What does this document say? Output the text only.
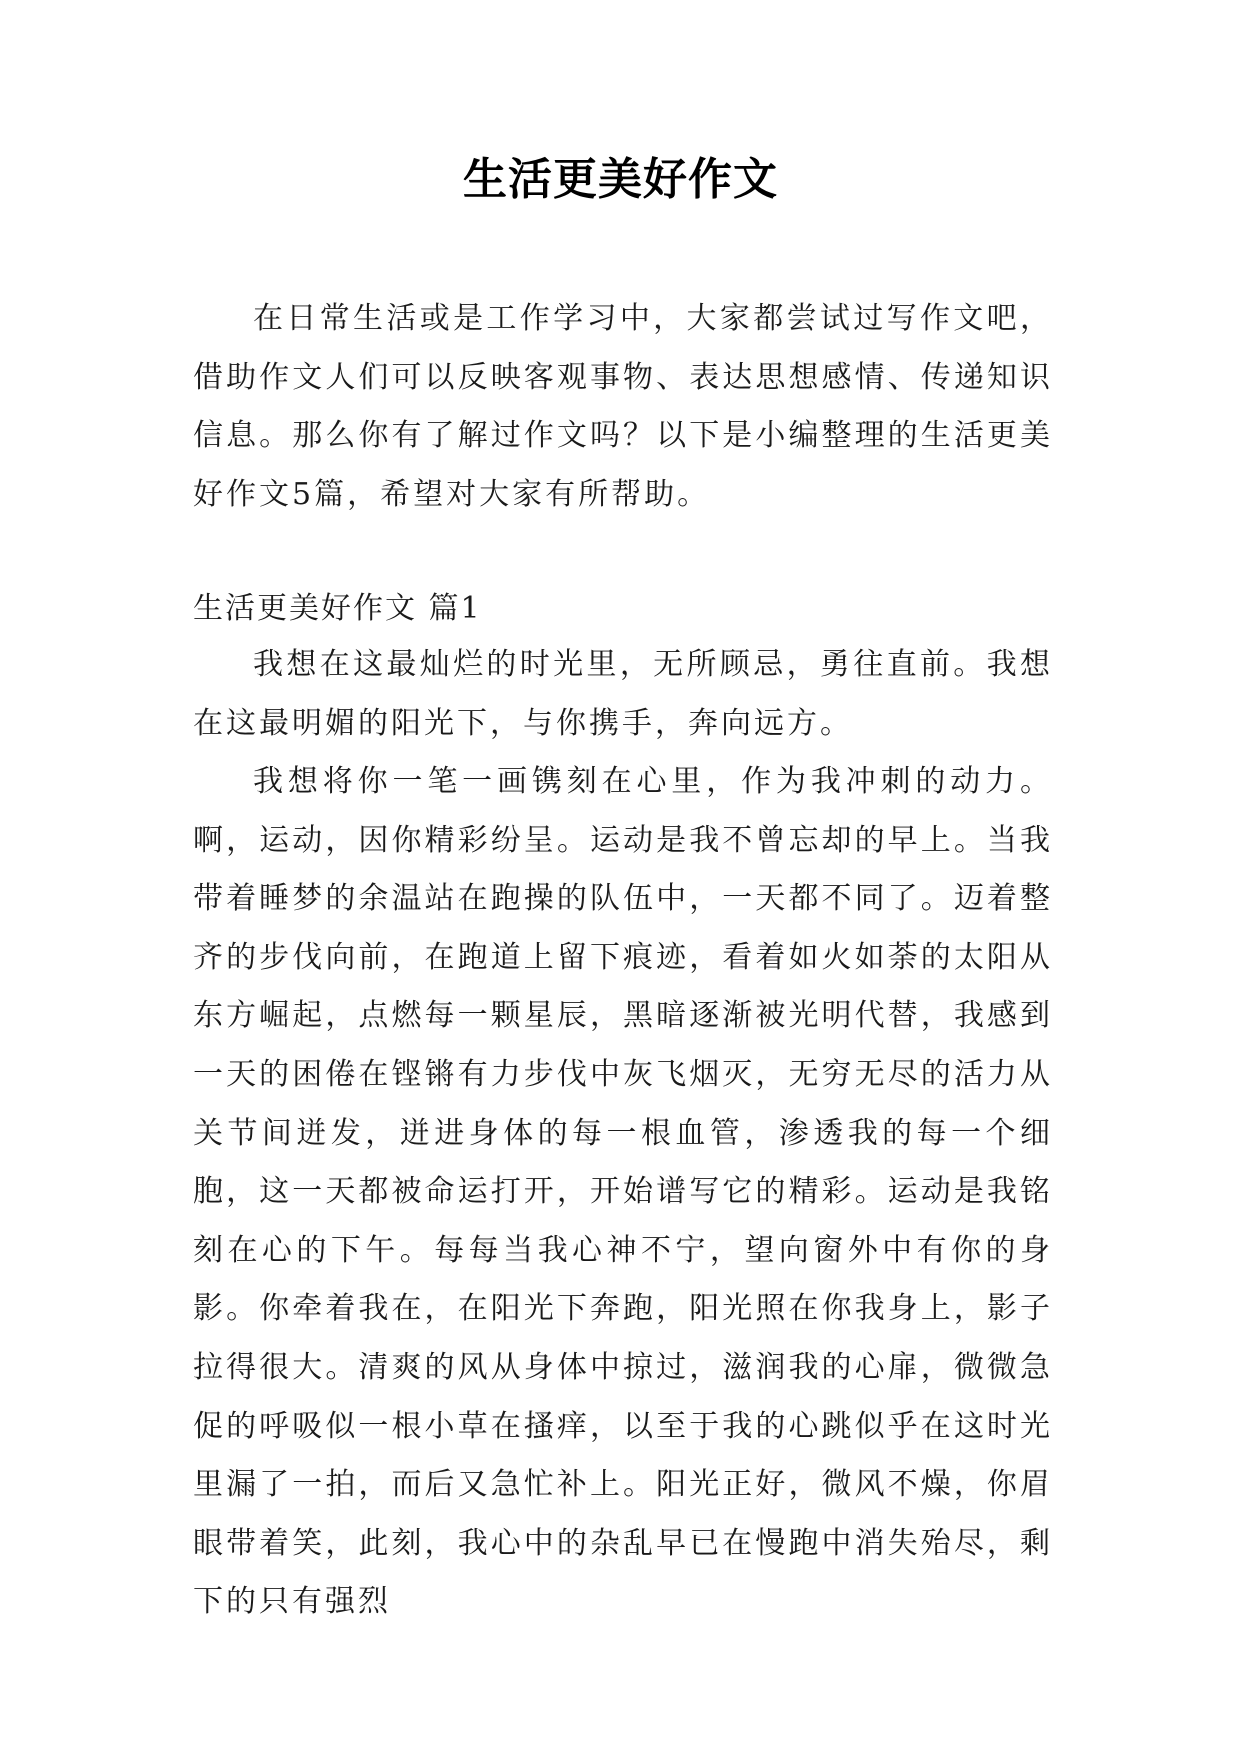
生活更美好作文

在日常生活或是工作学习中，大家都尝试过写作文吧，借助作文人们可以反映客观事物、表达思想感情、传递知识信息。那么你有了解过作文吗？以下是小编整理的生活更美好作文5篇，希望对大家有所帮助。

生活更美好作文 篇1

我想在这最灿烂的时光里，无所顾忌，勇往直前。我想在这最明媚的阳光下，与你携手，奔向远方。

我想将你一笔一画镌刻在心里，作为我冲刺的动力。啊，运动，因你精彩纷呈。运动是我不曾忘却的早上。当我带着睡梦的余温站在跑操的队伍中，一天都不同了。迈着整齐的步伐向前，在跑道上留下痕迹，看着如火如荼的太阳从东方崛起，点燃每一颗星辰，黑暗逐渐被光明代替，我感到一天的困倦在铿锵有力步伐中灰飞烟灭，无穷无尽的活力从关节间迸发，迸进身体的每一根血管，渗透我的每一个细胞，这一天都被命运打开，开始谱写它的精彩。运动是我铭刻在心的下午。每每当我心神不宁，望向窗外中有你的身影。你牵着我在，在阳光下奔跑，阳光照在你我身上，影子拉得很大。清爽的风从身体中掠过，滋润我的心扉，微微急促的呼吸似一根小草在搔痒，以至于我的心跳似乎在这时光里漏了一拍，而后又急忙补上。阳光正好，微风不燥，你眉眼带着笑，此刻，我心中的杂乱早已在慢跑中消失殆尽，剩下的只有强烈
